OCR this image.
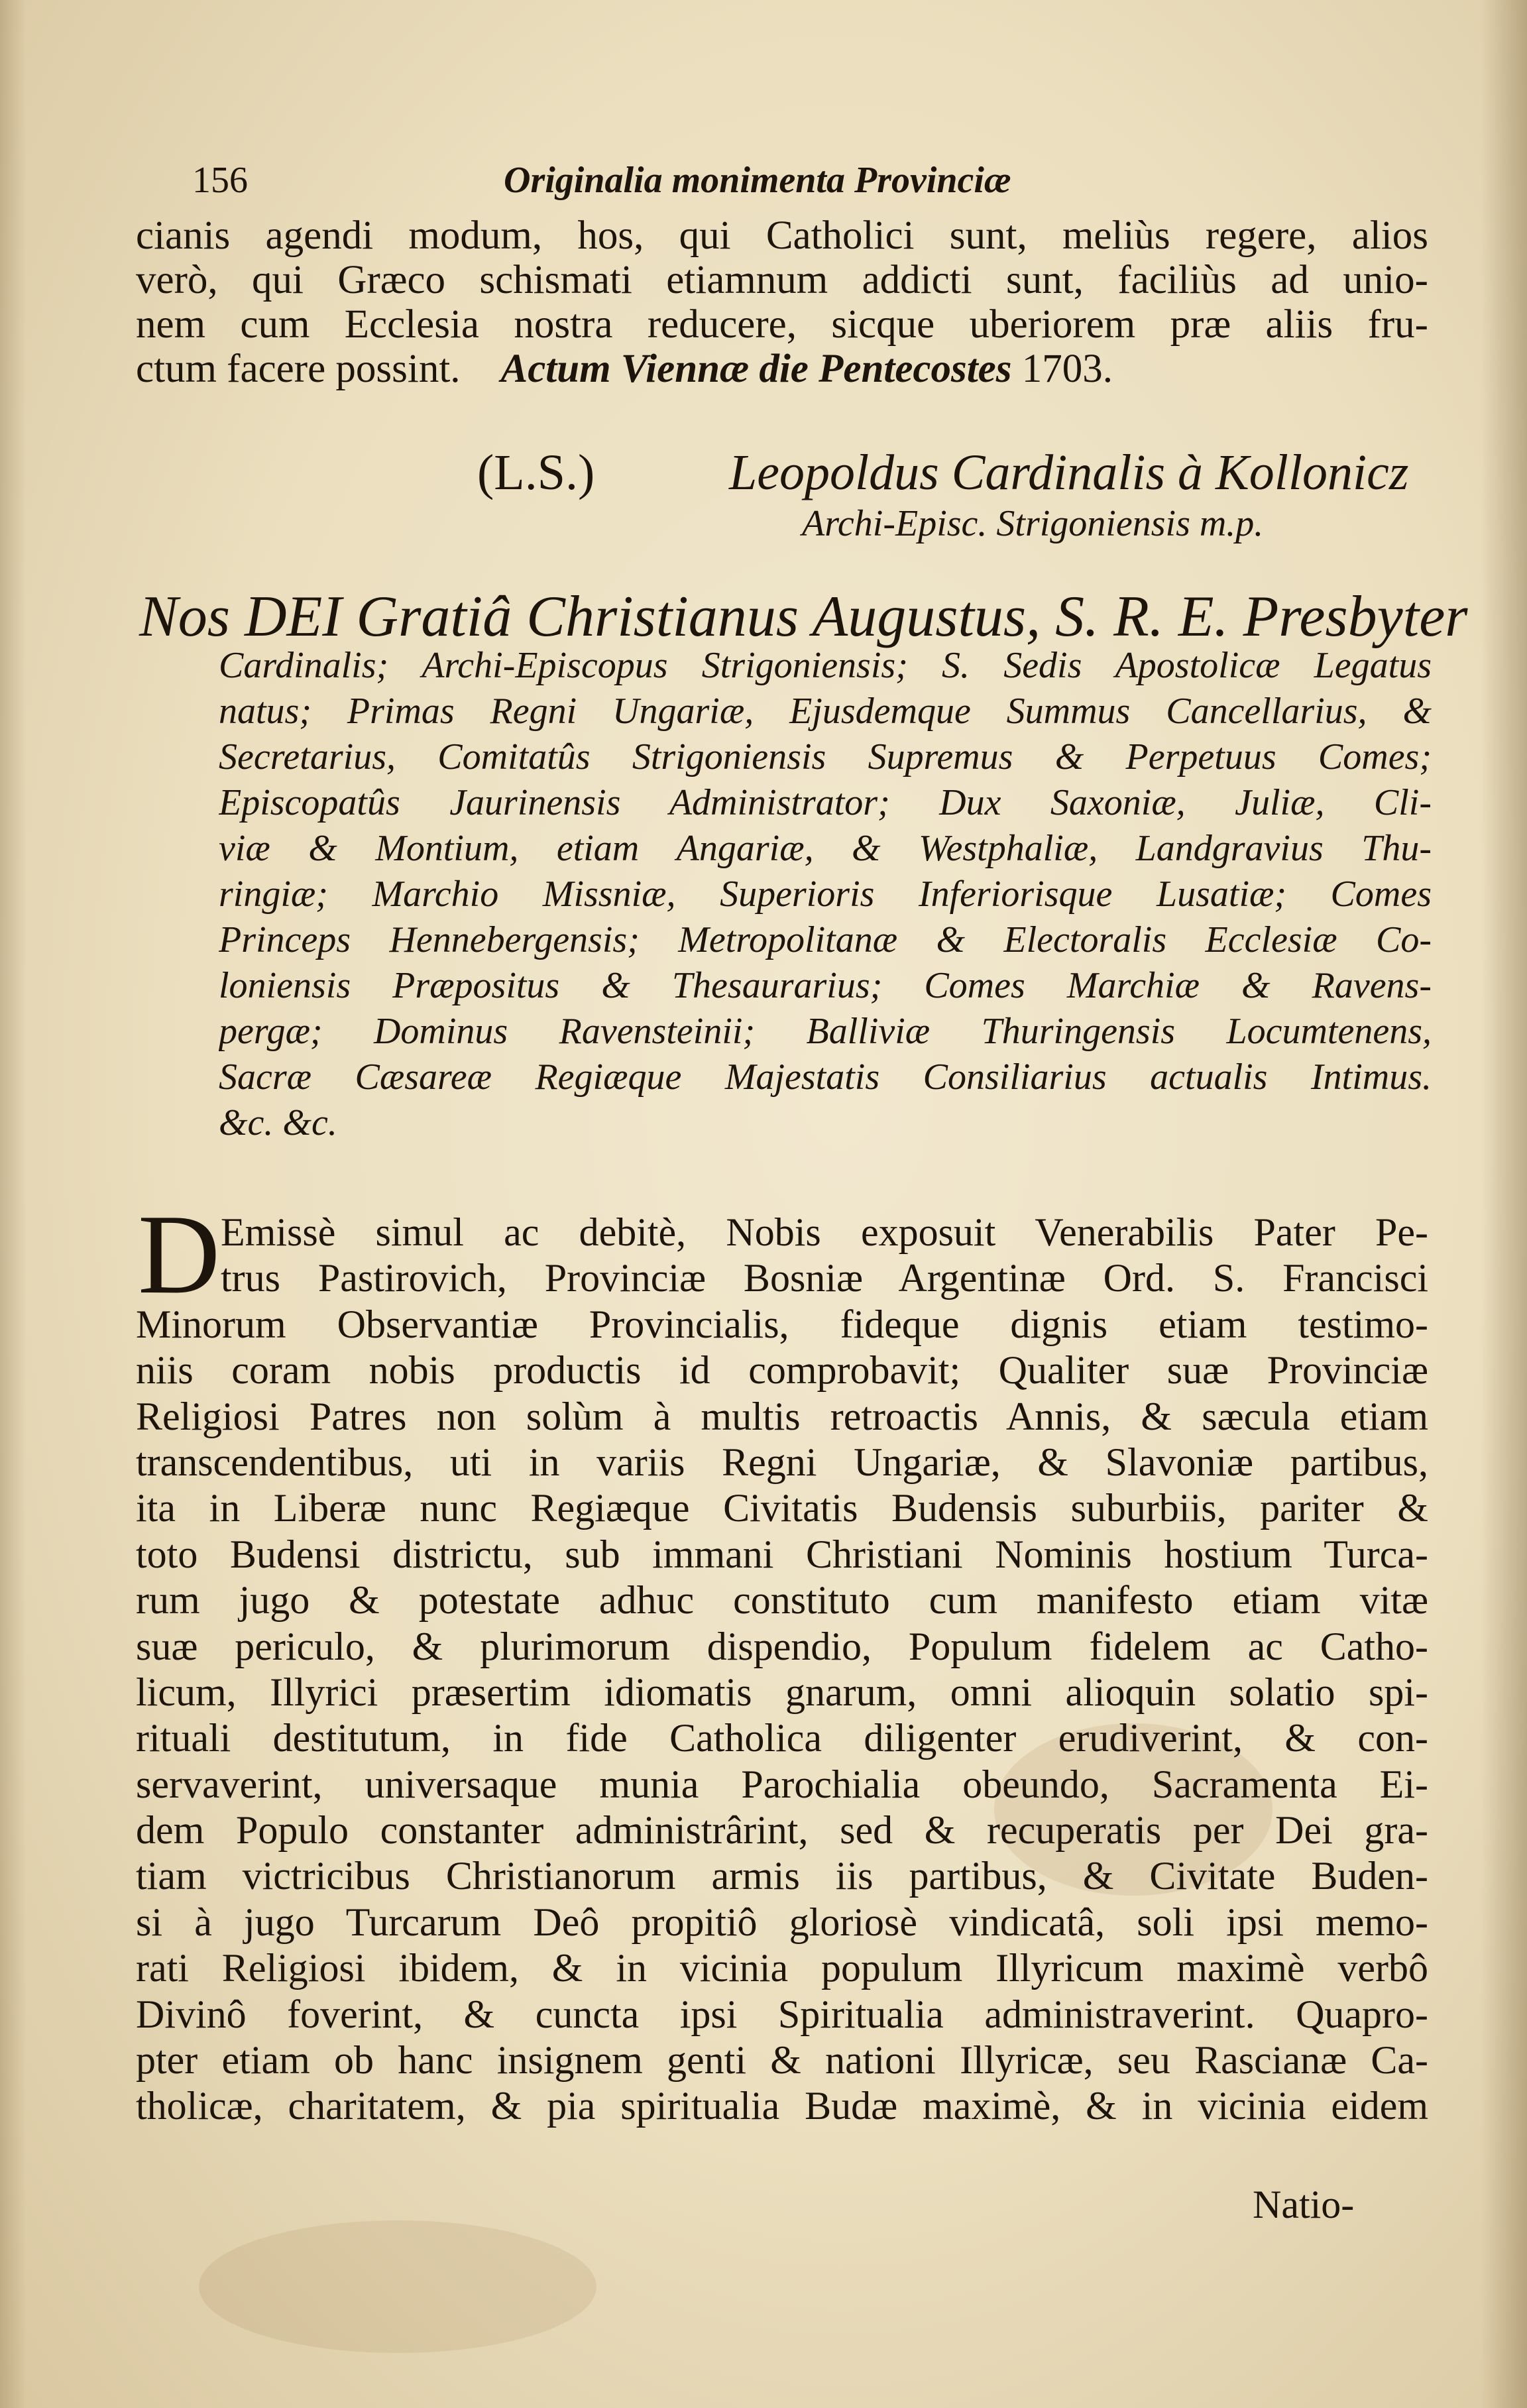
156	Originalia monimenta Provinciæ
cianis agendi modum, hos, qui Catholici sunt, meliùs regere, alios
verò, qui Græco schismati etiamnum addicti sunt, faciliùs ad unio-
nem cum Ecclesia nostra reducere, sicque uberiorem præ aliis fru-
ctum facere possint. Actum Viennæ die Pentecostes 1703.
(L.S.)	Leopoldus Cardinalis à Kollonicz
Archi-Episc. Strigoniensis m.p.
Nos DEI Gratiâ Christianus Augustus, S. R. E. Presbyter
Cardinalis; Archi-Episcopus Strigoniensis; S. Sedis Apostolicæ Legatus
natus; Primas Regni Ungariæ, Ejusdemque Summus Cancellarius, &
Secretarius, Comitatûs Strigoniensis Supremus & Perpetuus Comes;
Episcopatûs Jaurinensis Administrator; Dux Saxoniæ, Juliæ, Cli-
viæ & Montium, etiam Angariæ, & Westphaliæ, Landgravius Thu-
ringiæ; Marchio Missniæ, Superioris Inferiorisque Lusatiæ; Comes
Princeps Hennebergensis; Metropolitanæ & Electoralis Ecclesiæ Co-
loniensis Præpositus & Thesaurarius; Comes Marchiæ & Ravens-
pergæ; Dominus Ravensteinii; Balliviæ Thuringensis Locumtenens,
Sacræ Cæsareæ Regiæque Majestatis Consiliarius actualis Intimus.
&c. &c.
D Emissè simul ac debitè, Nobis exposuit Venerabilis Pater Pe-
trus Pastirovich, Provinciæ Bosniæ Argentinæ Ord. S. Francisci
Minorum Observantiæ Provincialis, fideque dignis etiam testimo-
niis coram nobis productis id comprobavit; Qualiter suæ Provinciæ
Religiosi Patres non solùm à multis retroactis Annis, & sæcula etiam
transcendentibus, uti in variis Regni Ungariæ, & Slavoniæ partibus,
ita in Liberæ nunc Regiæque Civitatis Budensis suburbiis, pariter &
toto Budensi districtu, sub immani Christiani Nominis hostium Turca-
rum jugo & potestate adhuc constituto cum manifesto etiam vitæ
suæ periculo, & plurimorum dispendio, Populum fidelem ac Catho-
licum, Illyrici præsertim idiomatis gnarum, omni alioquin solatio spi-
rituali destitutum, in fide Catholica diligenter erudiverint, & con-
servaverint, universaque munia Parochialia obeundo, Sacramenta Ei-
dem Populo constanter administrârint, sed & recuperatis per Dei gra-
tiam victricibus Christianorum armis iis partibus, & Civitate Buden-
si à jugo Turcarum Deô propitiô gloriosè vindicatâ, soli ipsi memo-
rati Religiosi ibidem, & in vicinia populum Illyricum maximè verbô
Divinô foverint, & cuncta ipsi Spiritualia administraverint. Quapro-
pter etiam ob hanc insignem genti & nationi Illyricæ, seu Rascianæ Ca-
tholicæ, charitatem, & pia spiritualia Budæ maximè, & in vicinia eidem
Natio-
